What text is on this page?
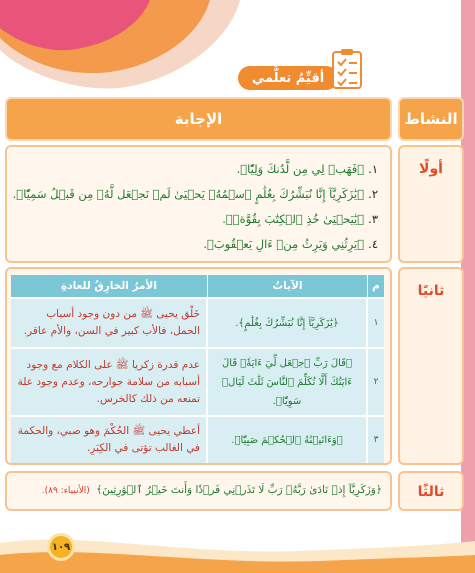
١٠٩
أقيِّمُ تعلُّمي
النشاط
الإجابة
أولًا
١.﴿فَهَبۡ لِي مِن لَّدُنكَ وَلِيّٗا﴾.
٢.﴿يَٰزَكَرِيَّآ إِنَّا نُبَشِّرُكَ بِغُلَٰمٍ ٱسۡمُهُۥ يَحۡيَىٰ لَمۡ نَجۡعَل لَّهُۥ مِن قَبۡلُ سَمِيّٗا﴾.
٣.﴿يَٰيَحۡيَىٰ خُذِ ٱلۡكِتَٰبَ بِقُوَّةٖ﴾.
٤.﴿يَرِثُنِي وَيَرِثُ مِنۡ ءَالِ يَعۡقُوبَ﴾.
ثانيًا
م
الآياتُ
الأمرُ الخارِقُ للعادةِ
١
﴿يَٰزَكَرِيَّآ إِنَّا نُبَشِّرُكَ بِغُلَٰمٍ﴾.
خَلْق يحيى ﷺ من دون وجود أسباب الحمل، فالأب كبير في السن، والأم عاقر.
٢
﴿قَالَ رَبِّ ٱجۡعَل لِّيٓ ءَايَةٗۖ قَالَ ءَايَتُكَ أَلَّا تُكَلِّمَ ٱلنَّاسَ ثَلَٰثَ لَيَالٖ سَوِيّٗا﴾.
عدم قدرة زكريا ﷺ على الكلام مع وجود أسبابه من سلامة جوارحه، وعدم وجود علة تمنعه من ذلك كالخرس.
٣
﴿وَءَاتَيۡنَٰهُ ٱلۡحُكۡمَ صَبِيّٗا﴾.
أعطي يحيى ﷺ الحُكْمَ وهو صبي، والحكمة في الغالب تؤتى في الكِبَرِ.
ثالثًا
﴿وَزَكَرِيَّآ إِذۡ نَادَىٰ رَبَّهُۥ رَبِّ لَا تَذَرۡنِي فَرۡدٗا وَأَنتَ خَيۡرُ ٱلۡوَٰرِثِينَ﴾ (الأنبياء: ٨٩).
